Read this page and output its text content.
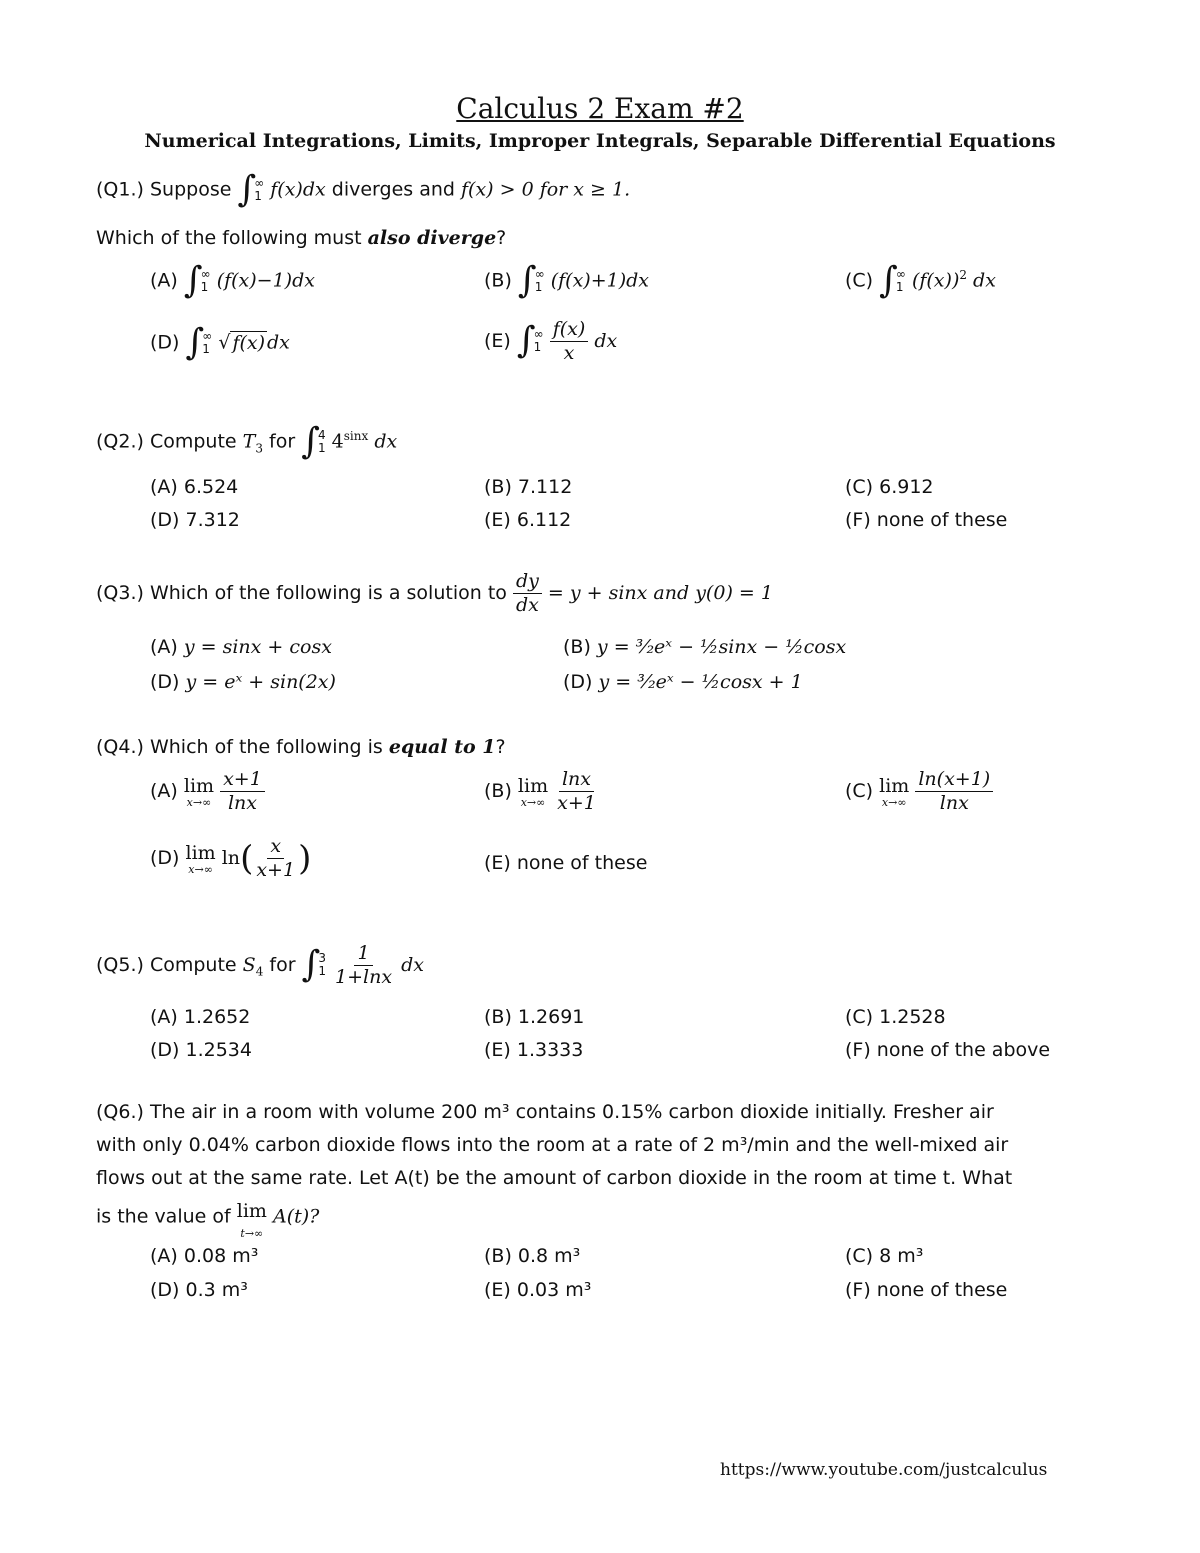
Calculus 2 Exam #2
Numerical Integrations, Limits, Improper Integrals, Separable Differential Equations
(Q1.) Suppose ∫
∞
1 f(x)dx diverges and f(x) > 0 for x ≥ 1.
Which of the following must also diverge?
(A) ∫
∞
1 (f(x)−1)dx	(B) ∫
∞
1 (f(x)+1)dx	(C) ∫
∞
1 $(f(x))^2$ dx
(D) ∫
∞
1 √ f(x) dx	(E) ∫
∞
1
$\frac{f(x)}{x}$ dx
(Q2.) Compute $T_3$ for ∫
4
1 $4^{sinx}$ dx
(A) 6.524	(B) 7.112	(C) 6.912
(D) 7.312	(E) 6.112	(F) none of these
(Q3.) Which of the following is a solution to $\frac{dy}{dx} = y + \sin x$ and y(0) = 1
(A) y = sinx + cosx	(B) y = ³⁄₂eˣ − ½sinx − ½cosx
(D) y = eˣ + sin(2x)	(D) y = ³⁄₂eˣ − ½cosx + 1
(Q4.) Which of the following is equal to 1?
(A) lim
x→∞
$\frac{x+1}{\ln x}$	(B) lim
x→∞
$\frac{\ln x}{x+1}$	(C) lim
x→∞
$\frac{\ln(x+1)}{\ln x}$
(D) lim
x→∞
$\ln( \frac{x}{x+1}$ )	(E) none of these
(Q5.) Compute $S_4$ for ∫
3
1
$\frac{1}{1+\ln x}$ dx
(A) 1.2652	(B) 1.2691	(C) 1.2528
(D) 1.2534	(E) 1.3333	(F) none of the above
(Q6.) The air in a room with volume 200 m³ contains 0.15% carbon dioxide initially. Fresher air
with only 0.04% carbon dioxide flows into the room at a rate of 2 m³/min and the well-mixed air
flows out at the same rate. Let A(t) be the amount of carbon dioxide in the room at time t. What
is the value of lim
t→∞
A(t)?
(A) 0.08 m³	(B) 0.8 m³	(C) 8 m³
(D) 0.3 m³	(E) 0.03 m³	(F) none of these
https://www.youtube.com/justcalculus
